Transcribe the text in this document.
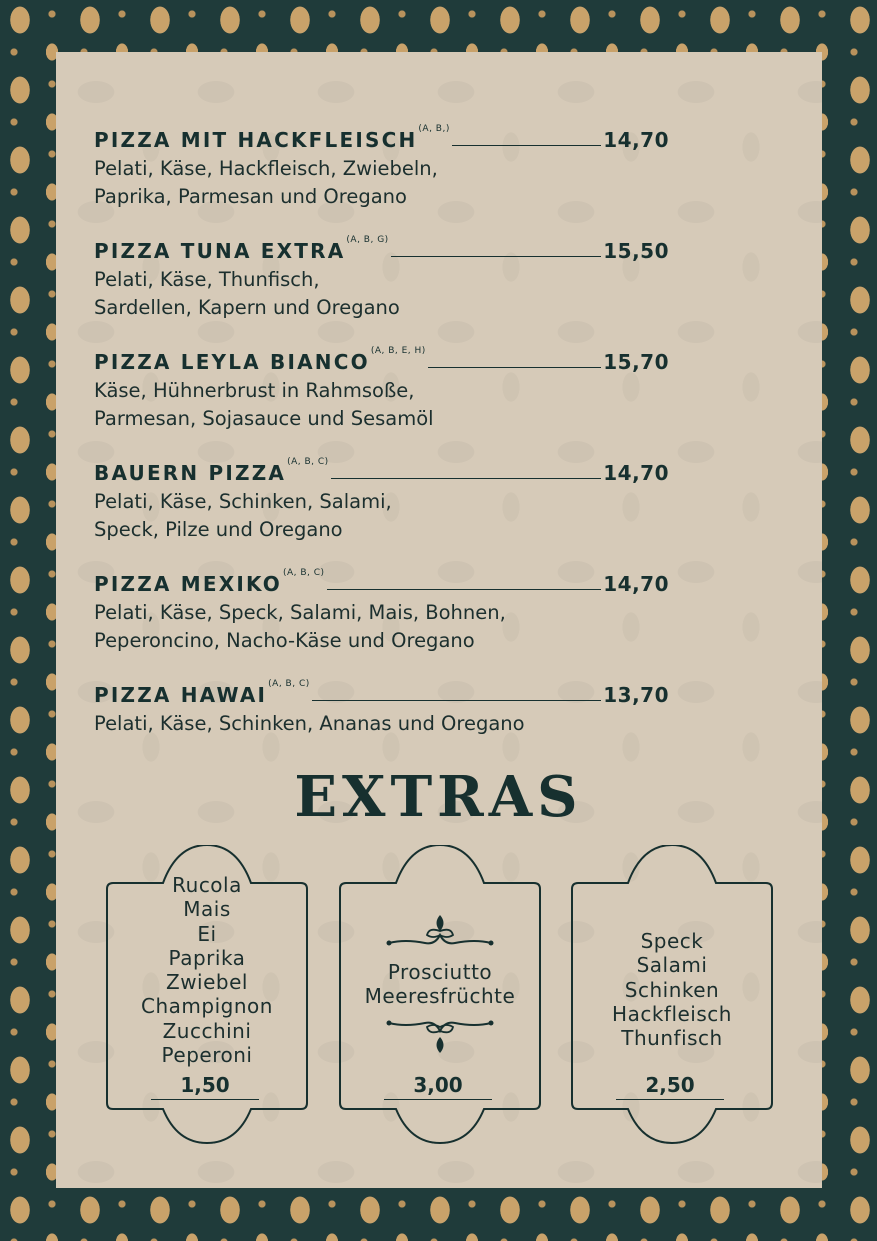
PIZZA MIT HACKFLEISCH (A, B,)	14,70
Pelati, Käse, Hackfleisch, Zwiebeln,
Paprika, Parmesan und Oregano
PIZZA TUNA EXTRA (A, B, G)	15,50
Pelati, Käse, Thunfisch,
Sardellen, Kapern und Oregano
PIZZA LEYLA BIANCO (A, B, E, H)	15,70
Käse, Hühnerbrust in Rahmsoße,
Parmesan, Sojasauce und Sesamöl
BAUERN PIZZA (A, B, C)	14,70
Pelati, Käse, Schinken, Salami,
Speck, Pilze und Oregano
PIZZA MEXIKO (A, B, C)	14,70
Pelati, Käse, Speck, Salami, Mais, Bohnen,
Peperoncino, Nacho-Käse und Oregano
PIZZA HAWAI (A, B, C)	13,70
Pelati, Käse, Schinken, Ananas und Oregano
EXTRAS
Rucola
Mais
Ei
Paprika
Zwiebel
Champignon
Zucchini
Peperoni
1,50
Prosciutto
Meeresfrüchte
3,00
Speck
Salami
Schinken
Hackfleisch
Thunfisch
2,50
